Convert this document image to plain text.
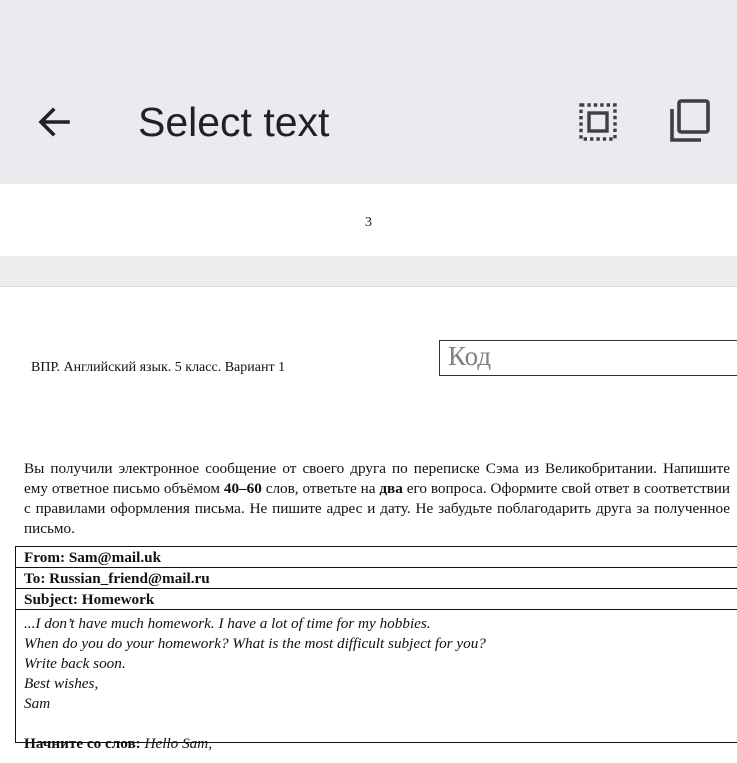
Select text
3
ВПР. Английский язык. 5 класс. Вариант 1	Код

Вы получили электронное сообщение от своего друга по переписке Сэма из Великобритании. Напишите ему ответное письмо объёмом 40–60 слов, ответьте на два его вопроса. Оформите свой ответ в соответствии с правилами оформления письма. Не пишите адрес и дату. Не забудьте поблагодарить друга за полученное письмо.

From: Sam@mail.uk
To: Russian_friend@mail.ru
Subject: Homework

...I don’t have much homework. I have a lot of time for my hobbies.
When do you do your homework? What is the most difficult subject for you?
Write back soon.
Best wishes,
Sam
Начните со слов: Hello Sam,
